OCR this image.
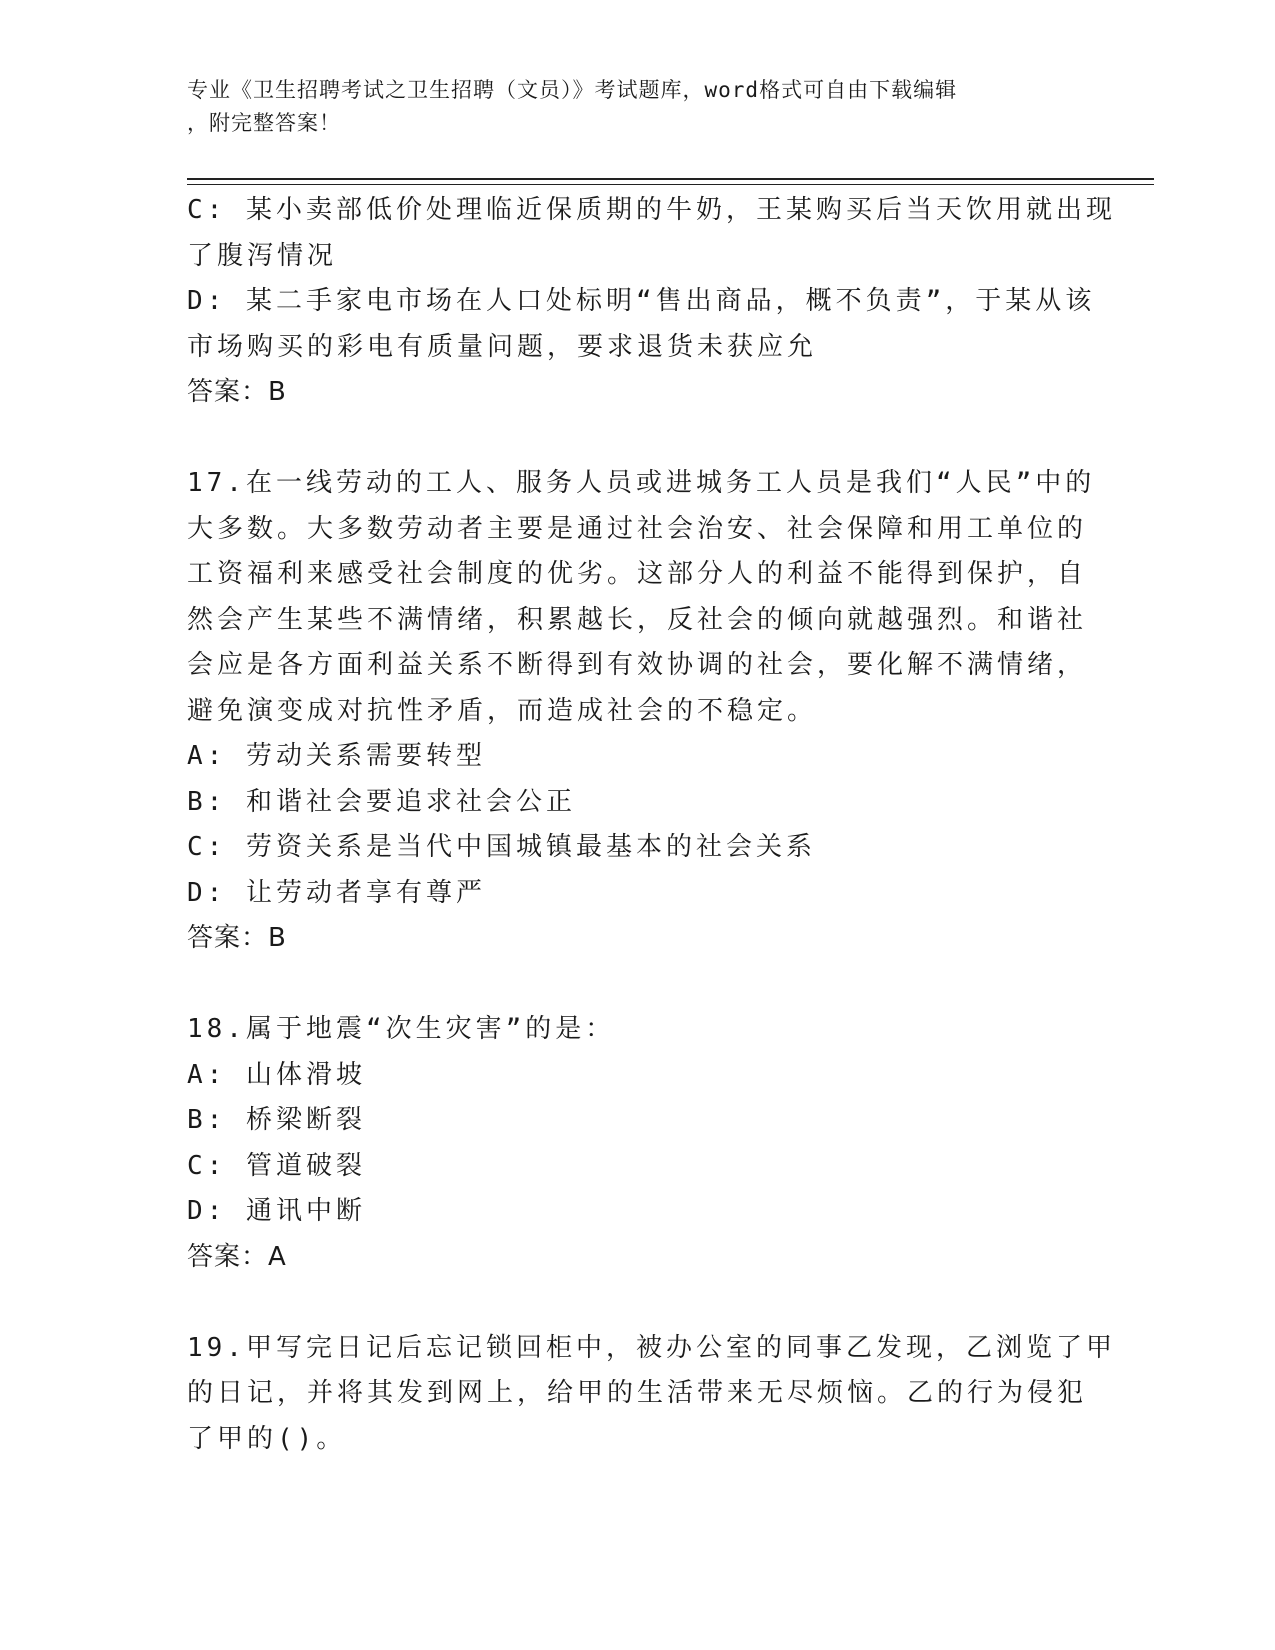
专业《卫生招聘考试之卫生招聘（文员）》考试题库，word格式可自由下载编辑
，附完整答案！
C: 某小卖部低价处理临近保质期的牛奶，王某购买后当天饮用就出现
了腹泻情况
D: 某二手家电市场在人口处标明“售出商品，概不负责”，于某从该
市场购买的彩电有质量问题，要求退货未获应允
答案：B
17.在一线劳动的工人、服务人员或进城务工人员是我们“人民”中的
大多数。大多数劳动者主要是通过社会治安、社会保障和用工单位的
工资福利来感受社会制度的优劣。这部分人的利益不能得到保护，自
然会产生某些不满情绪，积累越长，反社会的倾向就越强烈。和谐社
会应是各方面利益关系不断得到有效协调的社会，要化解不满情绪，
避免演变成对抗性矛盾，而造成社会的不稳定。
A: 劳动关系需要转型
B: 和谐社会要追求社会公正
C: 劳资关系是当代中国城镇最基本的社会关系
D: 让劳动者享有尊严
答案：B
18.属于地震“次生灾害”的是：
A: 山体滑坡
B: 桥梁断裂
C: 管道破裂
D: 通讯中断
答案：A
19.甲写完日记后忘记锁回柜中，被办公室的同事乙发现，乙浏览了甲
的日记，并将其发到网上，给甲的生活带来无尽烦恼。乙的行为侵犯
了甲的()。
